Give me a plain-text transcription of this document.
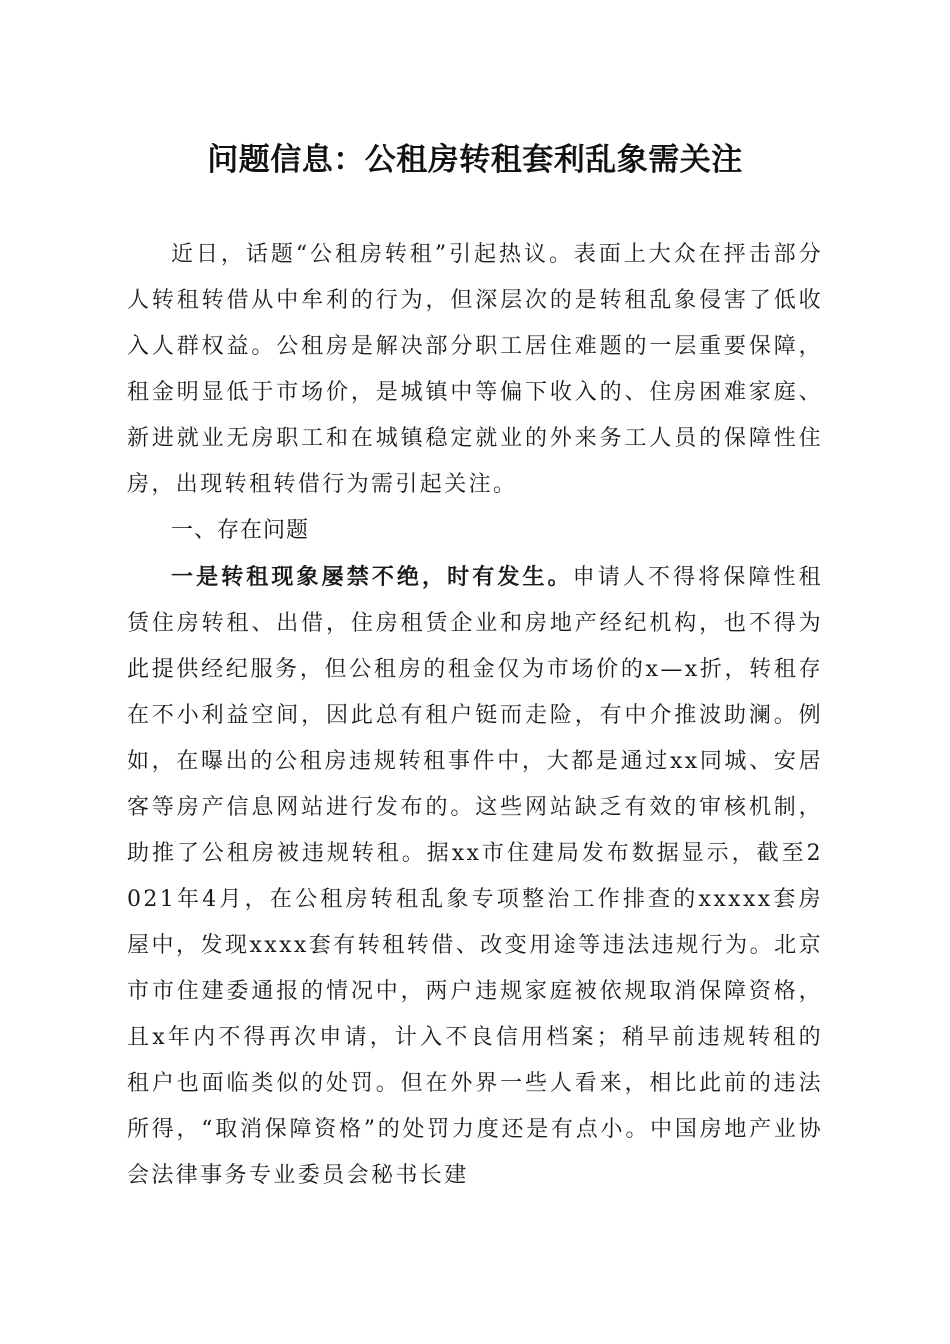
问题信息：公租房转租套利乱象需关注

近日，话题“公租房转租”引起热议。表面上大众在抨击部分人转租转借从中牟利的行为，但深层次的是转租乱象侵害了低收入人群权益。公租房是解决部分职工居住难题的一层重要保障，租金明显低于市场价，是城镇中等偏下收入的、住房困难家庭、新进就业无房职工和在城镇稳定就业的外来务工人员的保障性住房，出现转租转借行为需引起关注。

一、存在问题

一是转租现象屡禁不绝，时有发生。申请人不得将保障性租赁住房转租、出借，住房租赁企业和房地产经纪机构，也不得为此提供经纪服务，但公租房的租金仅为市场价的x—x折，转租存在不小利益空间，因此总有租户铤而走险，有中介推波助澜。例如，在曝出的公租房违规转租事件中，大都是通过xx同城、安居客等房产信息网站进行发布的。这些网站缺乏有效的审核机制，助推了公租房被违规转租。据xx市住建局发布数据显示，截至2021年4月，在公租房转租乱象专项整治工作排查的xxxxx套房屋中，发现xxxx套有转租转借、改变用途等违法违规行为。北京市市住建委通报的情况中，两户违规家庭被依规取消保障资格，且x年内不得再次申请，计入不良信用档案；稍早前违规转租的租户也面临类似的处罚。但在外界一些人看来，相比此前的违法所得，“取消保障资格”的处罚力度还是有点小。中国房地产业协会法律事务专业委员会秘书长建
